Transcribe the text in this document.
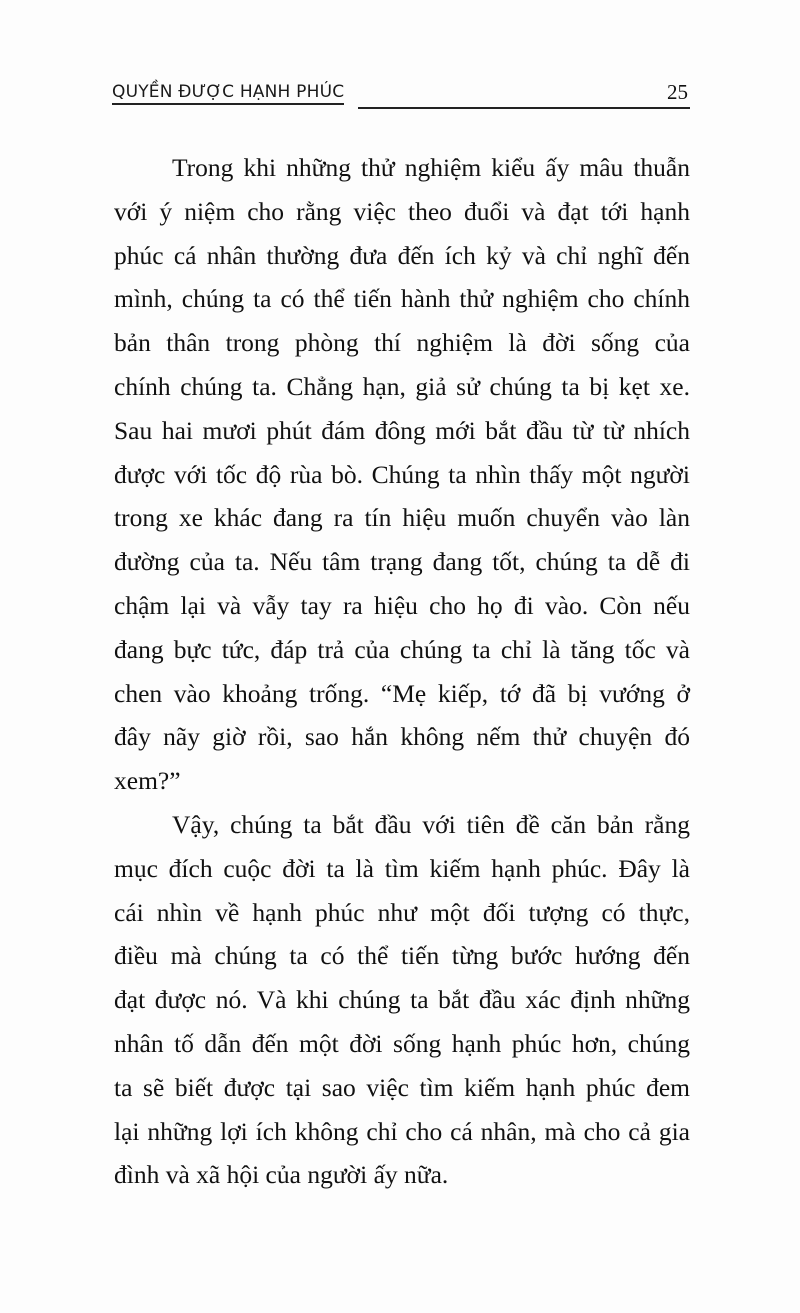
QUYỀN ĐƯỢC HẠNH PHÚC	25
Trong khi những thử nghiệm kiểu ấy mâu thuẫn
với ý niệm cho rằng việc theo đuổi và đạt tới hạnh
phúc cá nhân thường đưa đến ích kỷ và chỉ nghĩ đến
mình, chúng ta có thể tiến hành thử nghiệm cho chính
bản thân trong phòng thí nghiệm là đời sống của
chính chúng ta. Chẳng hạn, giả sử chúng ta bị kẹt xe.
Sau hai mươi phút đám đông mới bắt đầu từ từ nhích
được với tốc độ rùa bò. Chúng ta nhìn thấy một người
trong xe khác đang ra tín hiệu muốn chuyển vào làn
đường của ta. Nếu tâm trạng đang tốt, chúng ta dễ đi
chậm lại và vẫy tay ra hiệu cho họ đi vào. Còn nếu
đang bực tức, đáp trả của chúng ta chỉ là tăng tốc và
chen vào khoảng trống. “Mẹ kiếp, tớ đã bị vướng ở
đây nãy giờ rồi, sao hắn không nếm thử chuyện đó
xem?”
Vậy, chúng ta bắt đầu với tiên đề căn bản rằng
mục đích cuộc đời ta là tìm kiếm hạnh phúc. Đây là
cái nhìn về hạnh phúc như một đối tượng có thực,
điều mà chúng ta có thể tiến từng bước hướng đến
đạt được nó. Và khi chúng ta bắt đầu xác định những
nhân tố dẫn đến một đời sống hạnh phúc hơn, chúng
ta sẽ biết được tại sao việc tìm kiếm hạnh phúc đem
lại những lợi ích không chỉ cho cá nhân, mà cho cả gia
đình và xã hội của người ấy nữa.
